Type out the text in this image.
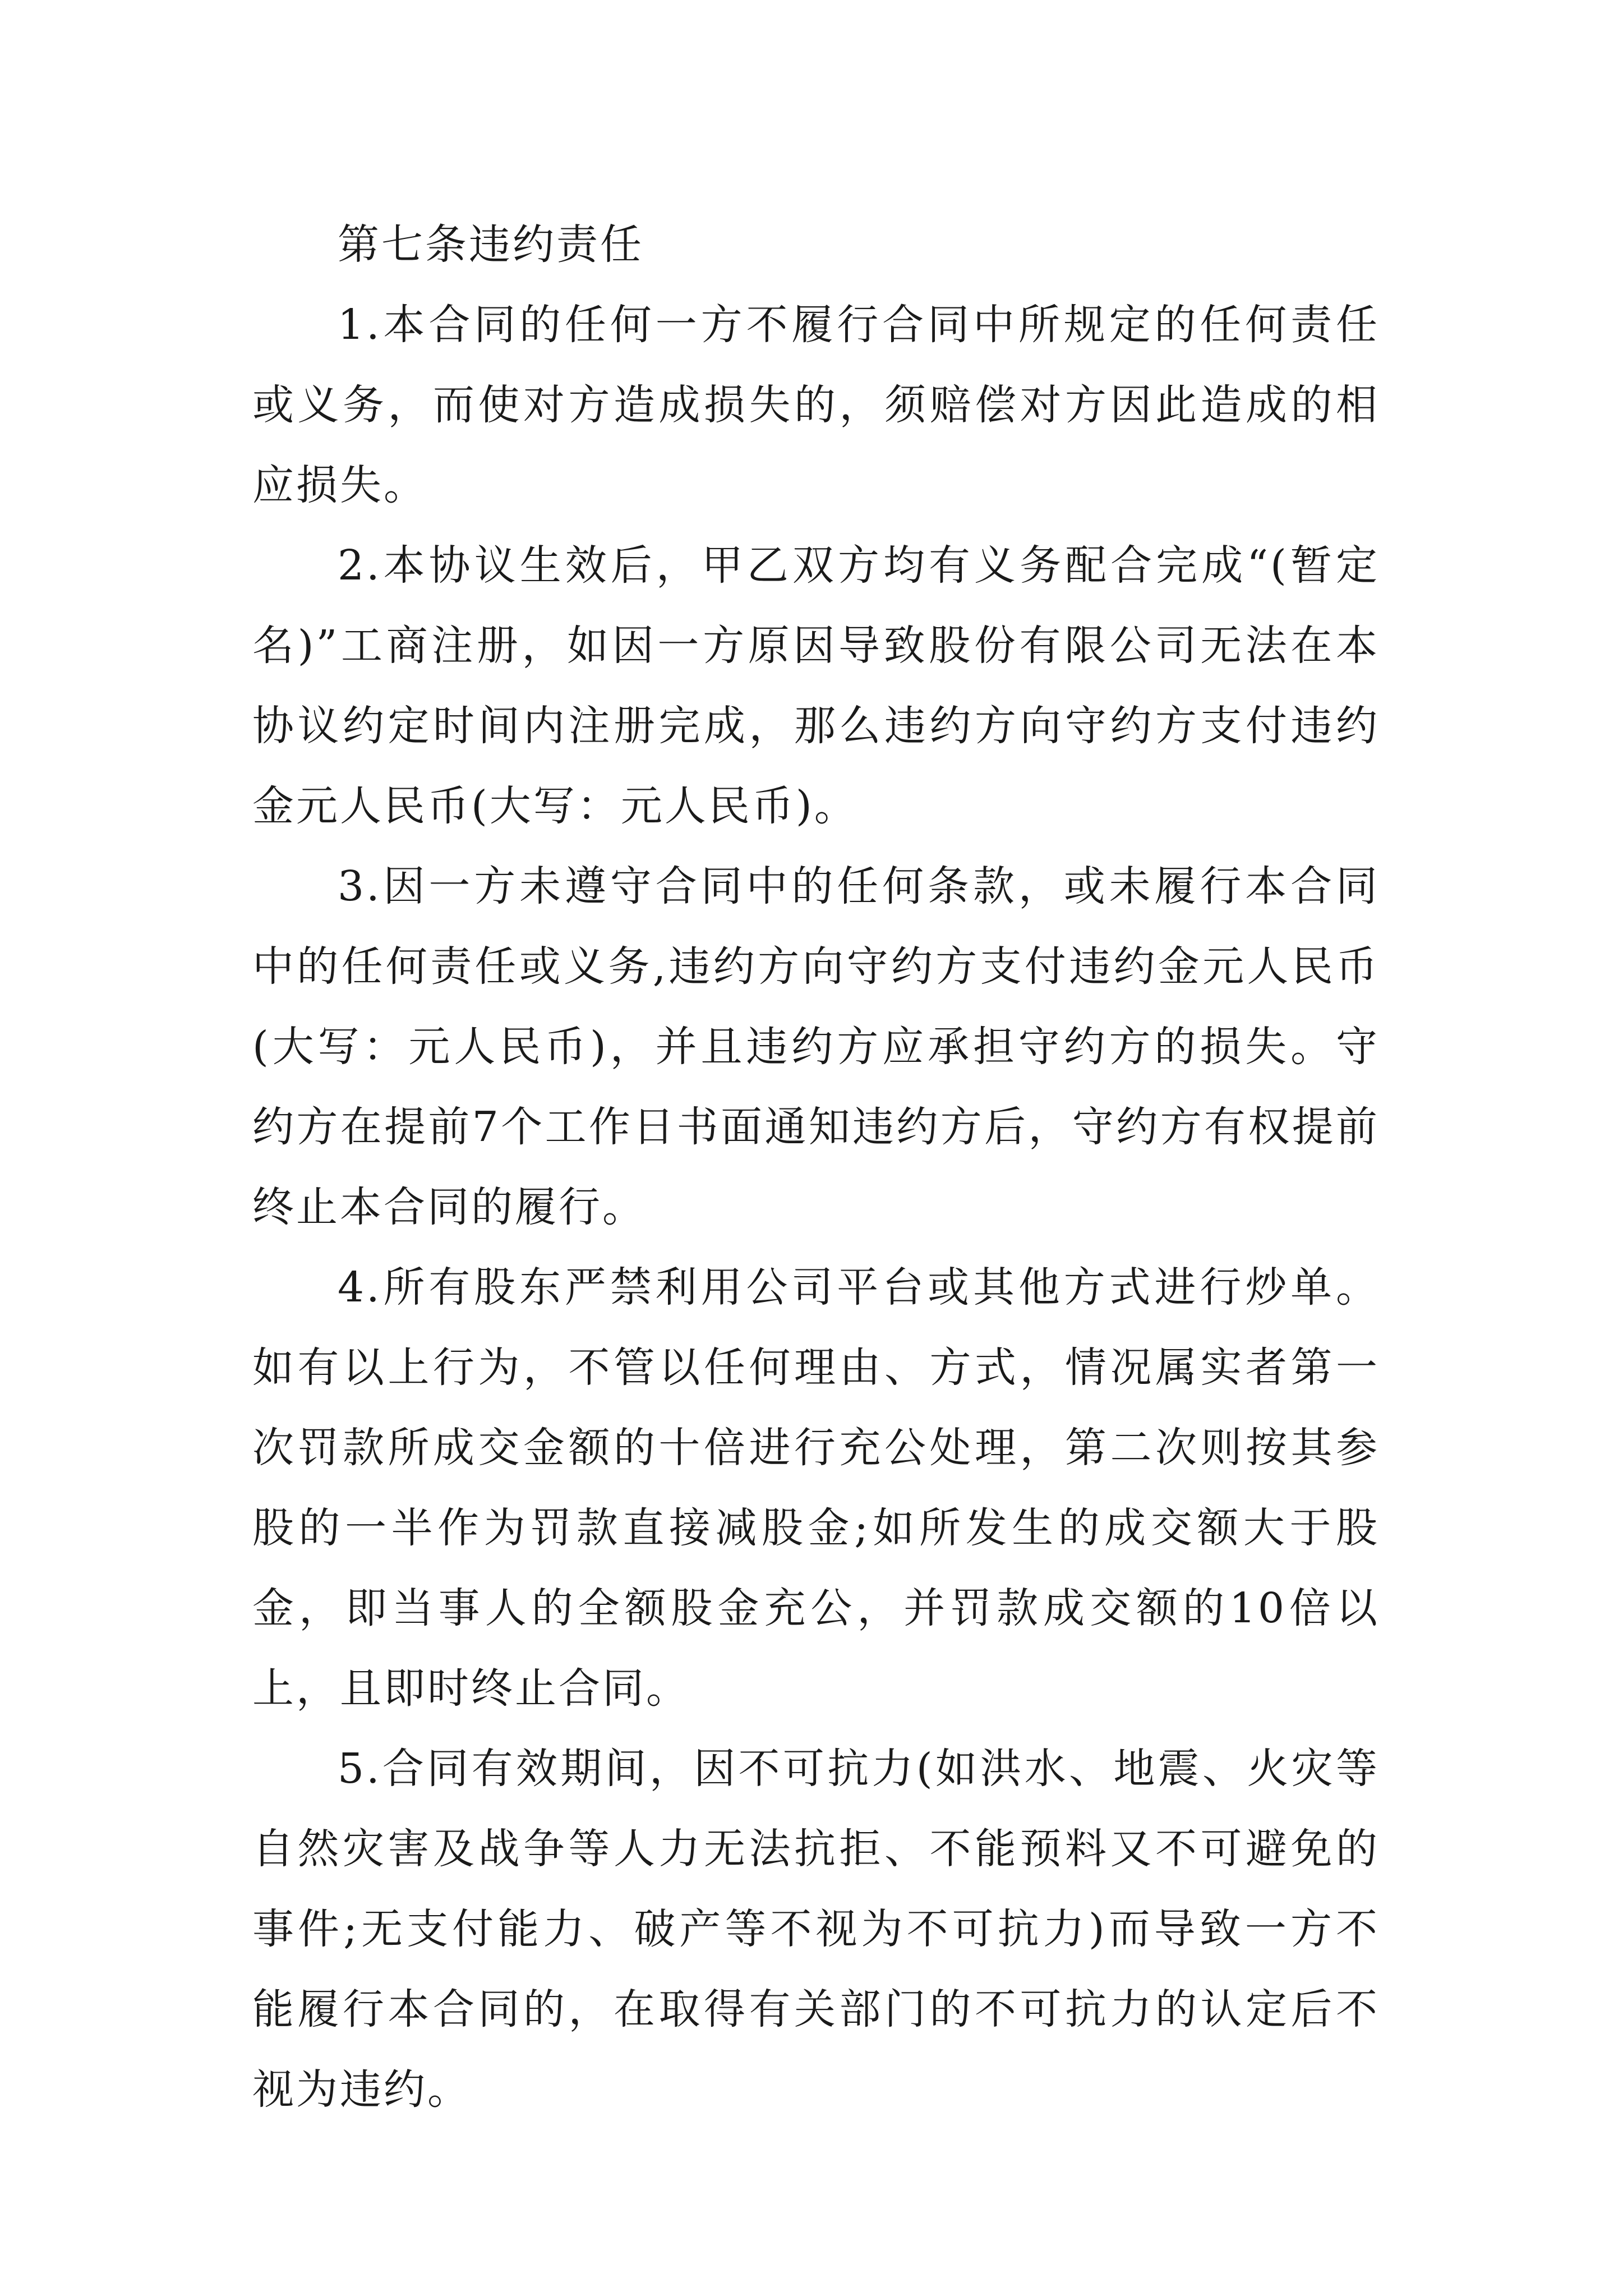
第七条违约责任

1.本合同的任何一方不履行合同中所规定的任何责任或义务，而使对方造成损失的，须赔偿对方因此造成的相应损失。

2.本协议生效后，甲乙双方均有义务配合完成“(暂定名)”工商注册，如因一方原因导致股份有限公司无法在本协议约定时间内注册完成，那么违约方向守约方支付违约金元人民币(大写：元人民币)。

3.因一方未遵守合同中的任何条款，或未履行本合同中的任何责任或义务,违约方向守约方支付违约金元人民币(大写：元人民币)，并且违约方应承担守约方的损失。守约方在提前7个工作日书面通知违约方后，守约方有权提前终止本合同的履行。

4.所有股东严禁利用公司平台或其他方式进行炒单。如有以上行为，不管以任何理由、方式，情况属实者第一次罚款所成交金额的十倍进行充公处理，第二次则按其参股的一半作为罚款直接减股金;如所发生的成交额大于股金，即当事人的全额股金充公，并罚款成交额的10倍以上，且即时终止合同。

5.合同有效期间，因不可抗力(如洪水、地震、火灾等自然灾害及战争等人力无法抗拒、不能预料又不可避免的事件;无支付能力、破产等不视为不可抗力)而导致一方不能履行本合同的，在取得有关部门的不可抗力的认定后不视为违约。
